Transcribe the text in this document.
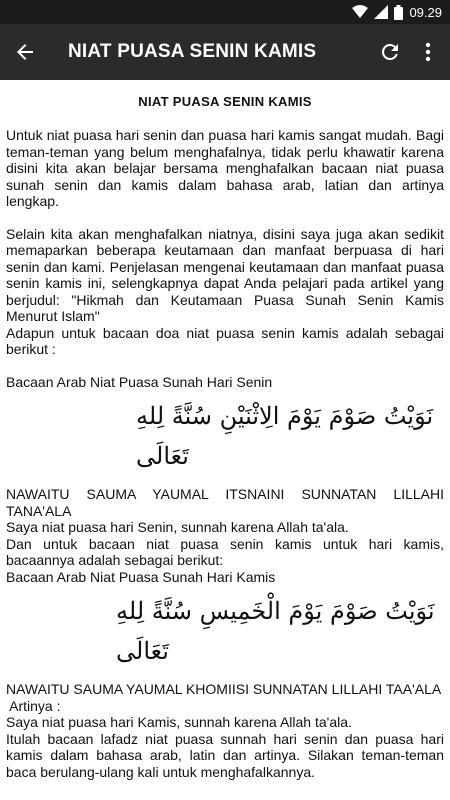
09.29
NIAT PUASA SENIN KAMIS
NIAT PUASA SENIN KAMIS

Untuk niat puasa hari senin dan puasa hari kamis sangat mudah. Bagi teman-teman yang belum menghafalnya, tidak perlu khawatir karena disini kita akan belajar bersama menghafalkan bacaan niat puasa sunah senin dan kamis dalam bahasa arab, latian dan artinya lengkap.

Selain kita akan menghafalkan niatnya, disini saya juga akan sedikit memaparkan beberapa keutamaan dan manfaat berpuasa di hari senin dan kami. Penjelasan mengenai keutamaan dan manfaat puasa senin kamis ini, selengkapnya dapat Anda pelajari pada artikel yang berjudul: "Hikmah dan Keutamaan Puasa Sunah Senin Kamis Menurut Islam"

Adapun untuk bacaan doa niat puasa senin kamis adalah sebagai berikut :

Bacaan Arab Niat Puasa Sunah Hari Senin

نَوَيْتُ صَوْمَ يَوْمَ الِاثْنَيْنِ سُنَّةً لِلهِ تَعَالَى

NAWAITU SAUMA YAUMAL ITSNAINI SUNNATAN LILLAHI TANA'ALA

Saya niat puasa hari Senin, sunnah karena Allah ta'ala.

Dan untuk bacaan niat puasa senin kamis untuk hari kamis, bacaannya adalah sebagai berikut:

Bacaan Arab Niat Puasa Sunah Hari Kamis

نَوَيْتُ صَوْمَ يَوْمَ الْخَمِيسِ سُنَّةً لِلهِ تَعَالَى

NAWAITU SAUMA YAUMAL KHOMIISI SUNNATAN LILLAHI TAA'ALA

Artinya :

Saya niat puasa hari Kamis, sunnah karena Allah ta'ala.

Itulah bacaan lafadz niat puasa sunnah hari senin dan puasa hari kamis dalam bahasa arab, latin dan artinya. Silakan teman-teman baca berulang-ulang kali untuk menghafalkannya.
